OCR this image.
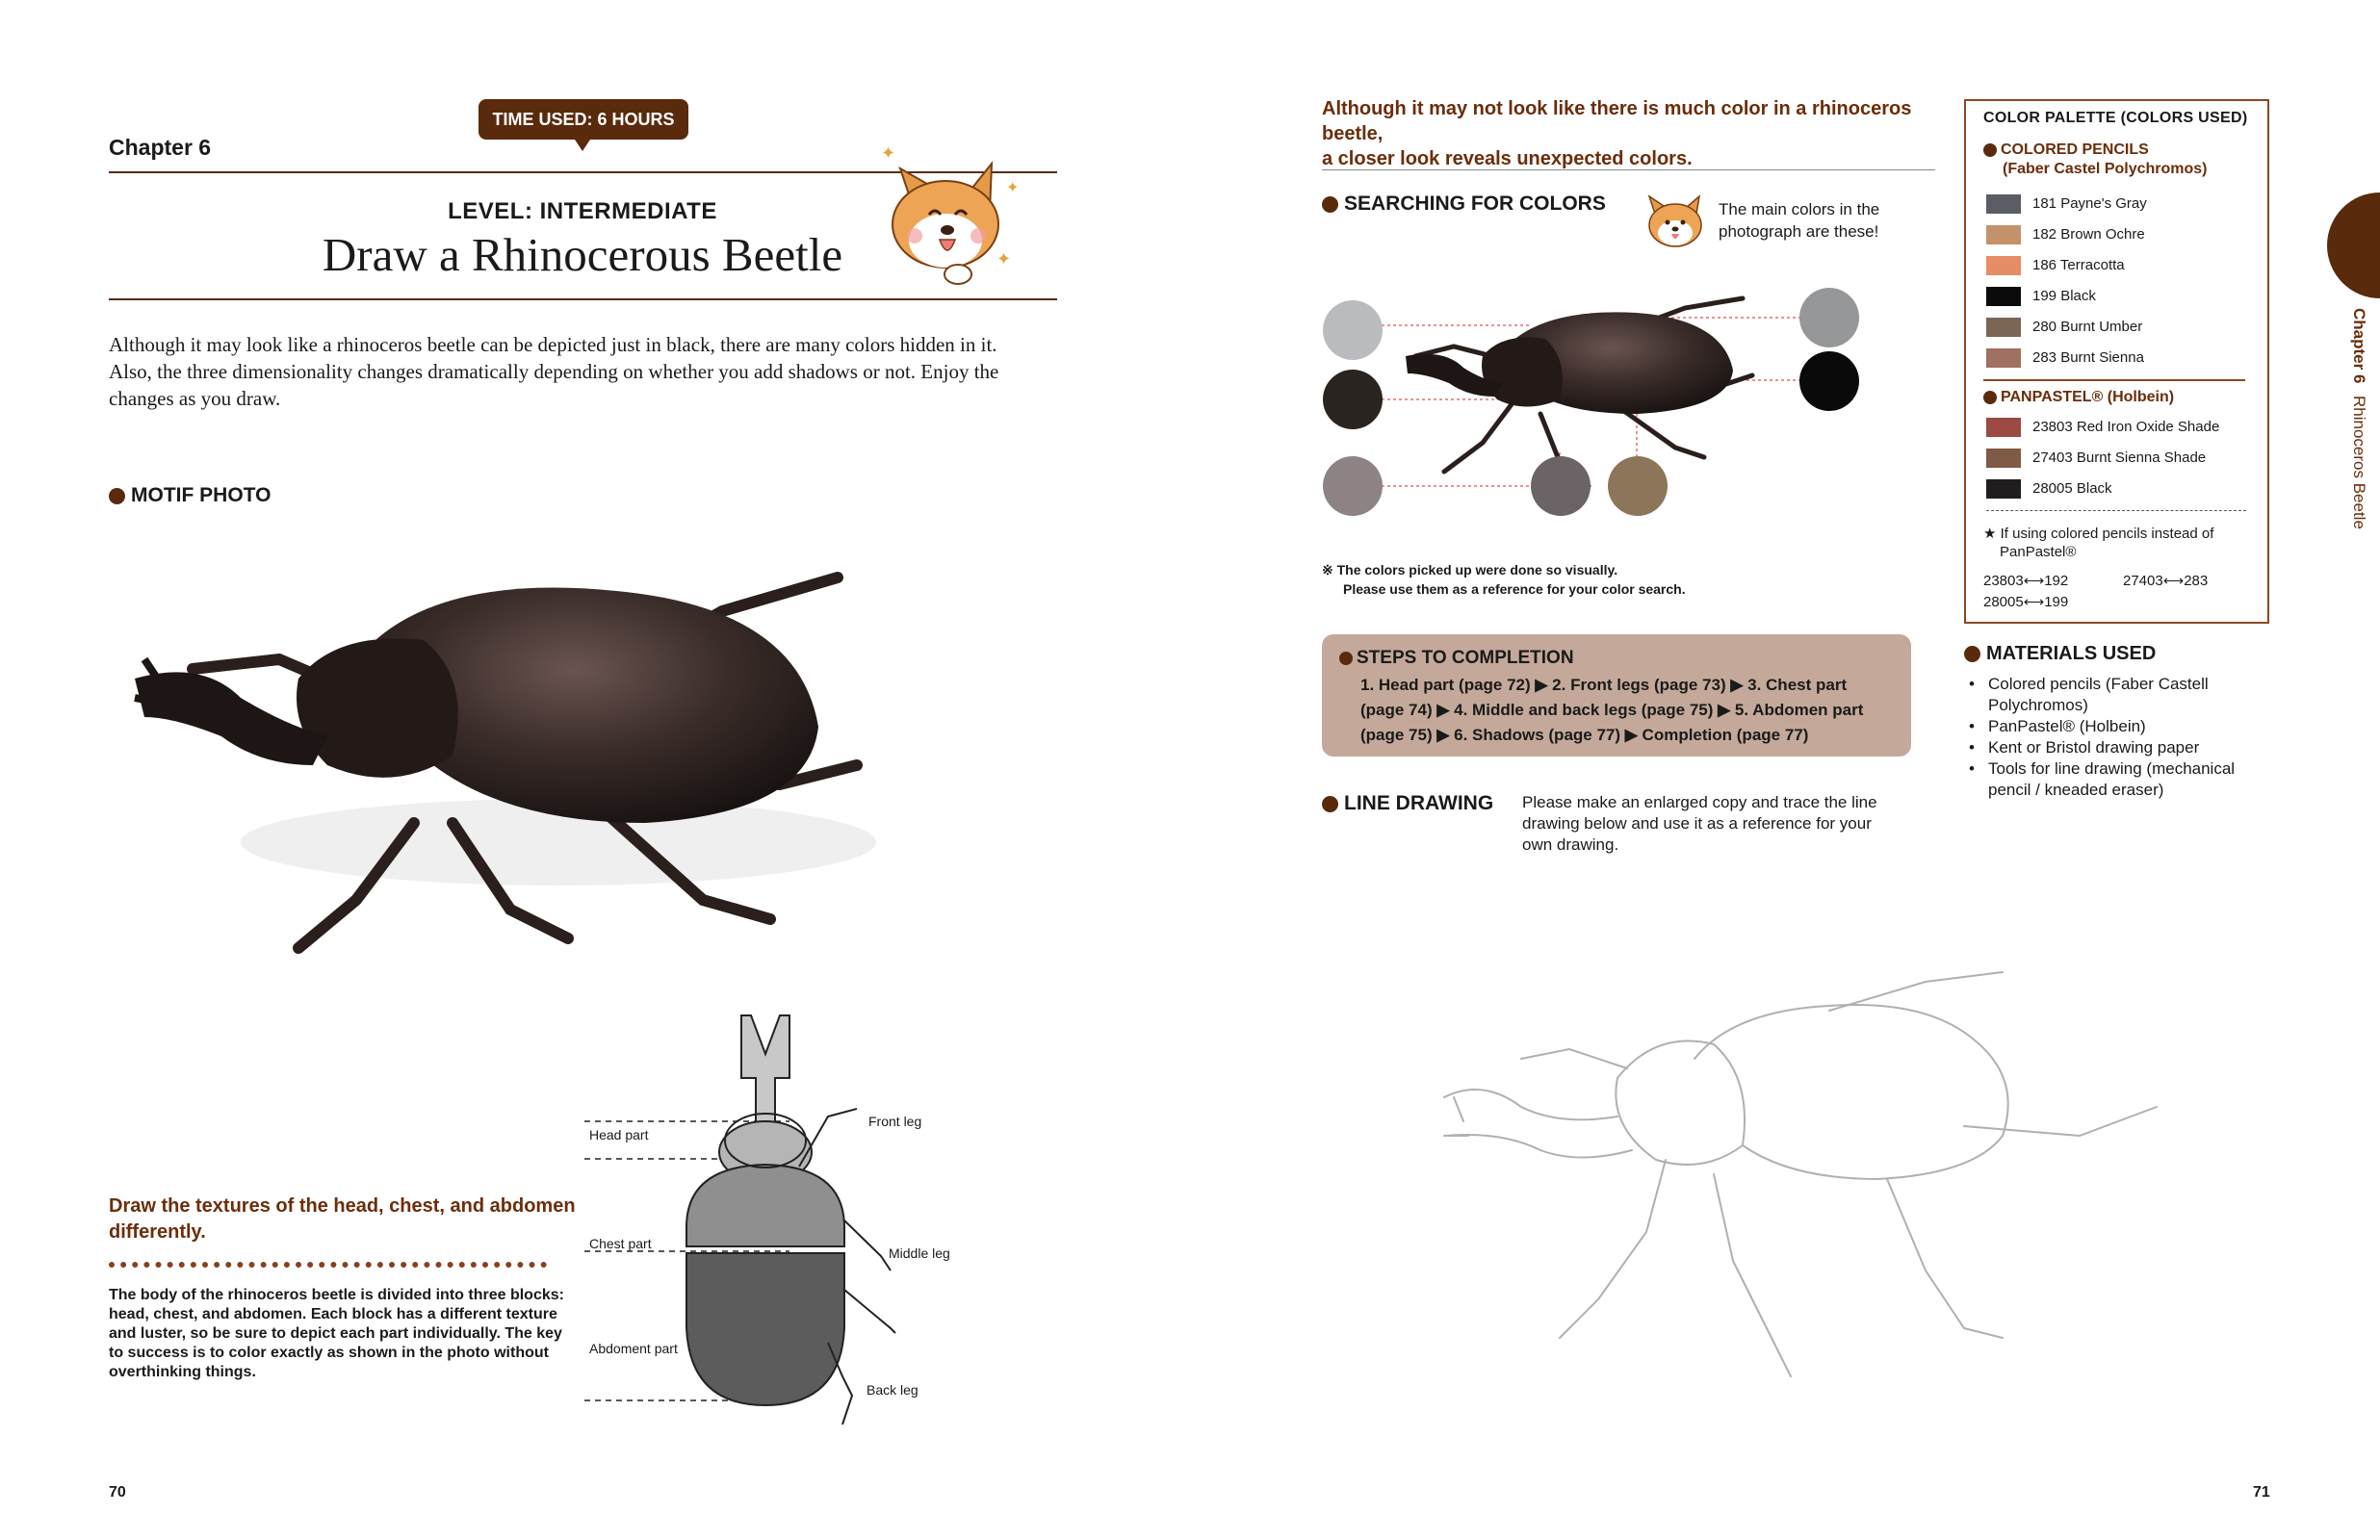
Chapter 6
TIME USED: 6 HOURS
LEVEL: INTERMEDIATE
Draw a Rhinocerous Beetle
✦
✦
✦
Although it may look like a rhinoceros beetle can be depicted just in black, there are many colors hidden in it.
Also, the three dimensionality changes dramatically depending on whether you add shadows or not. Enjoy the
changes as you draw.
MOTIF PHOTO
Draw the textures of the head, chest, and abdomen
differently.
The body of the rhinoceros beetle is divided into three blocks:
head, chest, and abdomen. Each block has a different texture
and luster, so be sure to depict each part individually. The key
to success is to color exactly as shown in the photo without
overthinking things.
Head part
Chest part
Abdoment part
Front leg
Middle leg
Back leg
70
Although it may not look like there is much color in a rhinoceros beetle,
a closer look reveals unexpected colors.
SEARCHING FOR COLORS	The main colors in the
photograph are these!
※ The colors picked up were done so visually.
Please use them as a reference for your color search.
STEPS TO COMPLETION
1. Head part (page 72) ▶ 2. Front legs (page 73) ▶ 3. Chest part
(page 74) ▶ 4. Middle and back legs (page 75) ▶ 5. Abdomen part
(page 75) ▶ 6. Shadows (page 77) ▶ Completion (page 77)
LINE DRAWING Please make an enlarged copy and trace the line
drawing below and use it as a reference for your
own drawing.
COLOR PALETTE (COLORS USED)
COLORED PENCILS
(Faber Castel Polychromos)
181 Payne's Gray
182 Brown Ochre
186 Terracotta
199 Black
280 Burnt Umber
283 Burnt Sienna
PANPASTEL® (Holbein)
23803 Red Iron Oxide Shade
27403 Burnt Sienna Shade
28005 Black
★ If using colored pencils instead of
PanPastel®
23803⟷192	27403⟷283
28005⟷199
MATERIALS USED
• Colored pencils (Faber Castell
Polychromos)
• PanPastel® (Holbein)
• Kent or Bristol drawing paper
• Tools for line drawing (mechanical
pencil / kneaded eraser)
Chapter 6 Rhinoceros Beetle
71
